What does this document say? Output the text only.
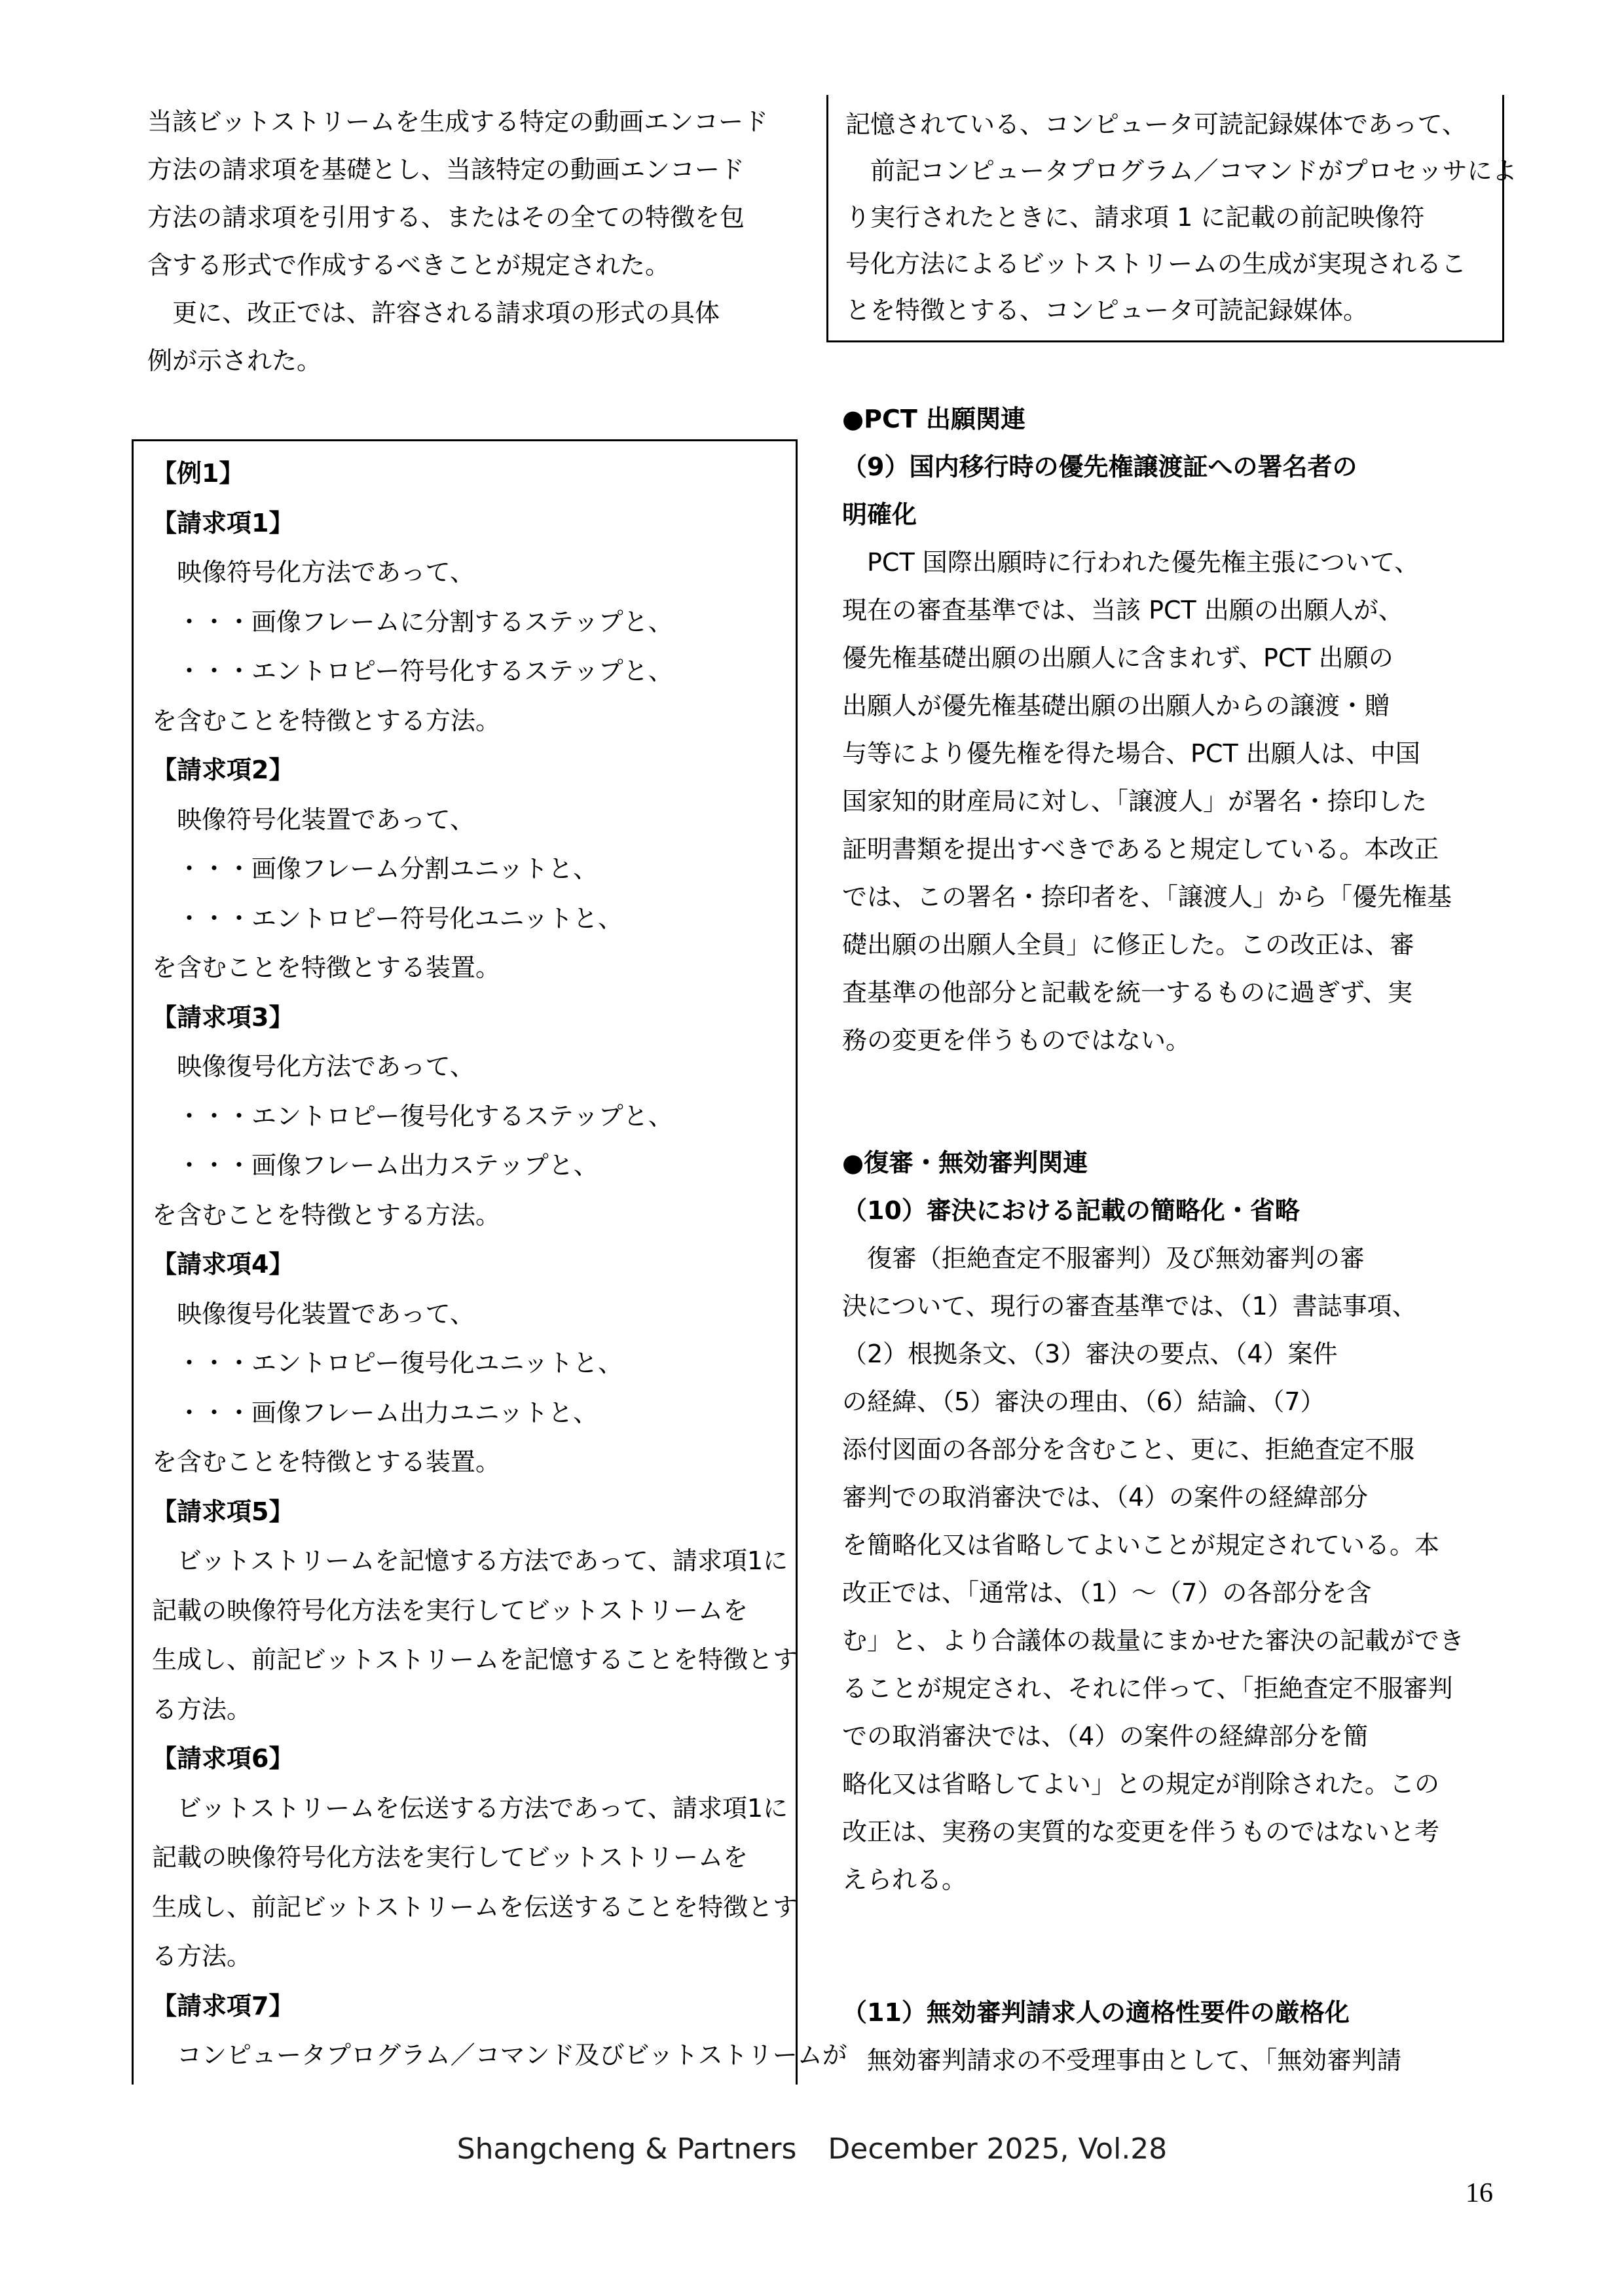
当該ビットストリームを生成する特定の動画エンコード
方法の請求項を基礎とし、当該特定の動画エンコード
方法の請求項を引用する、またはその全ての特徴を包
含する形式で作成するべきことが規定された。
　更に、改正では、許容される請求項の形式の具体
例が示された。
【例1】
【請求項1】
　映像符号化方法であって、
　・・・画像フレームに分割するステップと、
　・・・エントロピー符号化するステップと、
を含むことを特徴とする方法。
【請求項2】
　映像符号化装置であって、
　・・・画像フレーム分割ユニットと、
　・・・エントロピー符号化ユニットと、
を含むことを特徴とする装置。
【請求項3】
　映像復号化方法であって、
　・・・エントロピー復号化するステップと、
　・・・画像フレーム出力ステップと、
を含むことを特徴とする方法。
【請求項4】
　映像復号化装置であって、
　・・・エントロピー復号化ユニットと、
　・・・画像フレーム出力ユニットと、
を含むことを特徴とする装置。
【請求項5】
　ビットストリームを記憶する方法であって、請求項1に
記載の映像符号化方法を実行してビットストリームを
生成し、前記ビットストリームを記憶することを特徴とす
る方法。
【請求項6】
　ビットストリームを伝送する方法であって、請求項1に
記載の映像符号化方法を実行してビットストリームを
生成し、前記ビットストリームを伝送することを特徴とす
る方法。
【請求項7】
　コンピュータプログラム／コマンド及びビットストリームが
記憶されている、コンピュータ可読記録媒体であって、
　前記コンピュータプログラム／コマンドがプロセッサによ
り実行されたときに、請求項 1 に記載の前記映像符
号化方法によるビットストリームの生成が実現されるこ
とを特徴とする、コンピュータ可読記録媒体。
●PCT 出願関連
（9）国内移行時の優先権譲渡証への署名者の
明確化
　PCT 国際出願時に行われた優先権主張について、
現在の審査基準では、当該 PCT 出願の出願人が、
優先権基礎出願の出願人に含まれず、PCT 出願の
出願人が優先権基礎出願の出願人からの譲渡・贈
与等により優先権を得た場合、PCT 出願人は、中国
国家知的財産局に対し、「譲渡人」が署名・捺印した
証明書類を提出すべきであると規定している。本改正
では、この署名・捺印者を、「譲渡人」から「優先権基
礎出願の出願人全員」に修正した。この改正は、審
査基準の他部分と記載を統一するものに過ぎず、実
務の変更を伴うものではない。
●復審・無効審判関連
（10）審決における記載の簡略化・省略
　復審（拒絶査定不服審判）及び無効審判の審
決について、現行の審査基準では、（1）書誌事項、
（2）根拠条文、（3）審決の要点、（4）案件
の経緯、（5）審決の理由、（6）結論、（7）
添付図面の各部分を含むこと、更に、拒絶査定不服
審判での取消審決では、（4）の案件の経緯部分
を簡略化又は省略してよいことが規定されている。本
改正では、「通常は、（1）～（7）の各部分を含
む」と、より合議体の裁量にまかせた審決の記載ができ
ることが規定され、それに伴って、「拒絶査定不服審判
での取消審決では、（4）の案件の経緯部分を簡
略化又は省略してよい」との規定が削除された。この
改正は、実務の実質的な変更を伴うものではないと考
えられる。
（11）無効審判請求人の適格性要件の厳格化
　無効審判請求の不受理事由として、「無効審判請
Shangcheng & Partners December 2025, Vol.28
16
